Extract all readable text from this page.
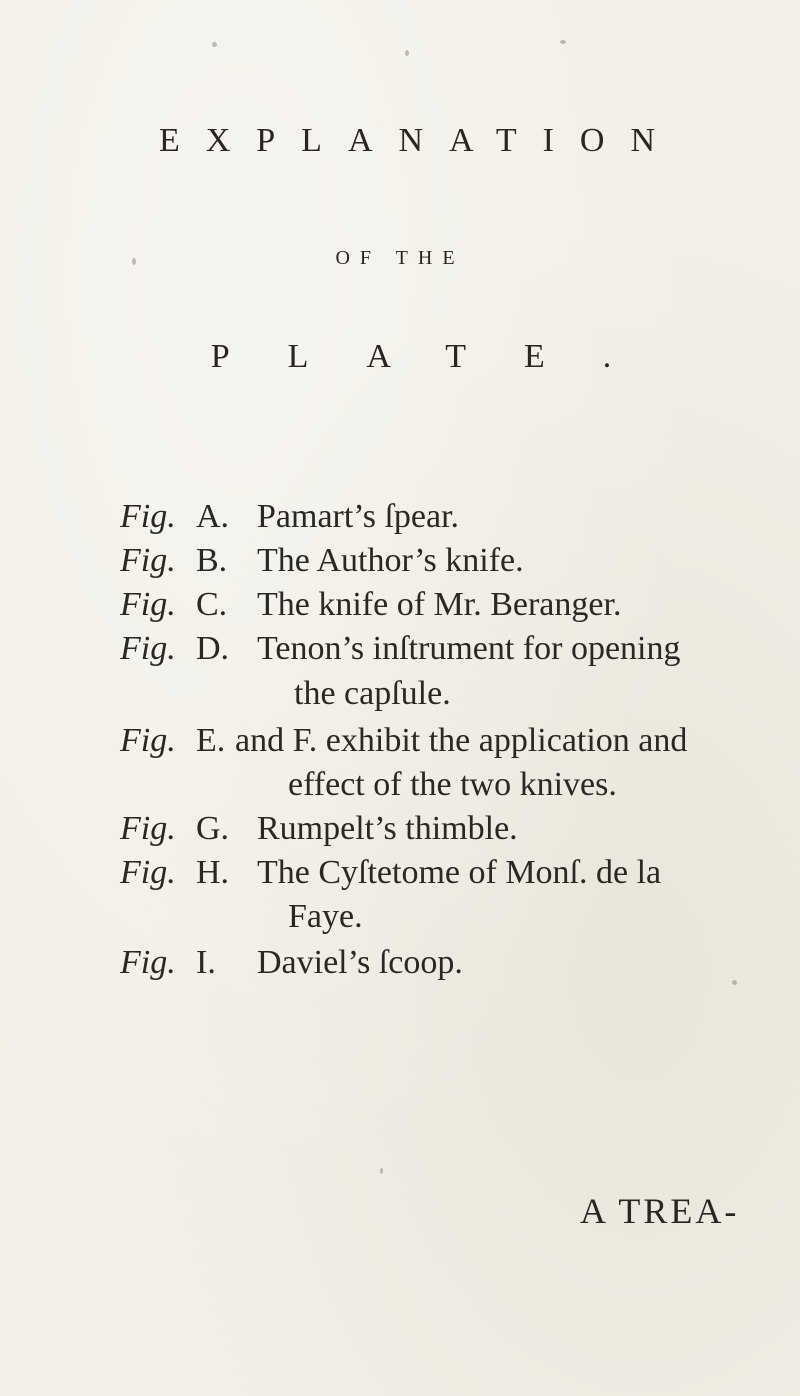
EXPLANATION
OF THE
PLATE.
Fig. A. Pamart’s ſpear.
Fig. B. The Author’s knife.
Fig. C. The knife of Mr. Beranger.
Fig. D. Tenon’s inſtrument for opening
the capſule.
Fig. E. and F. exhibit the application and
effect of the two knives.
Fig. G. Rumpelt’s thimble.
Fig. H. The Cyſtetome of Monſ. de la
Faye.
Fig. I. Daviel’s ſcoop.
A TREA-
